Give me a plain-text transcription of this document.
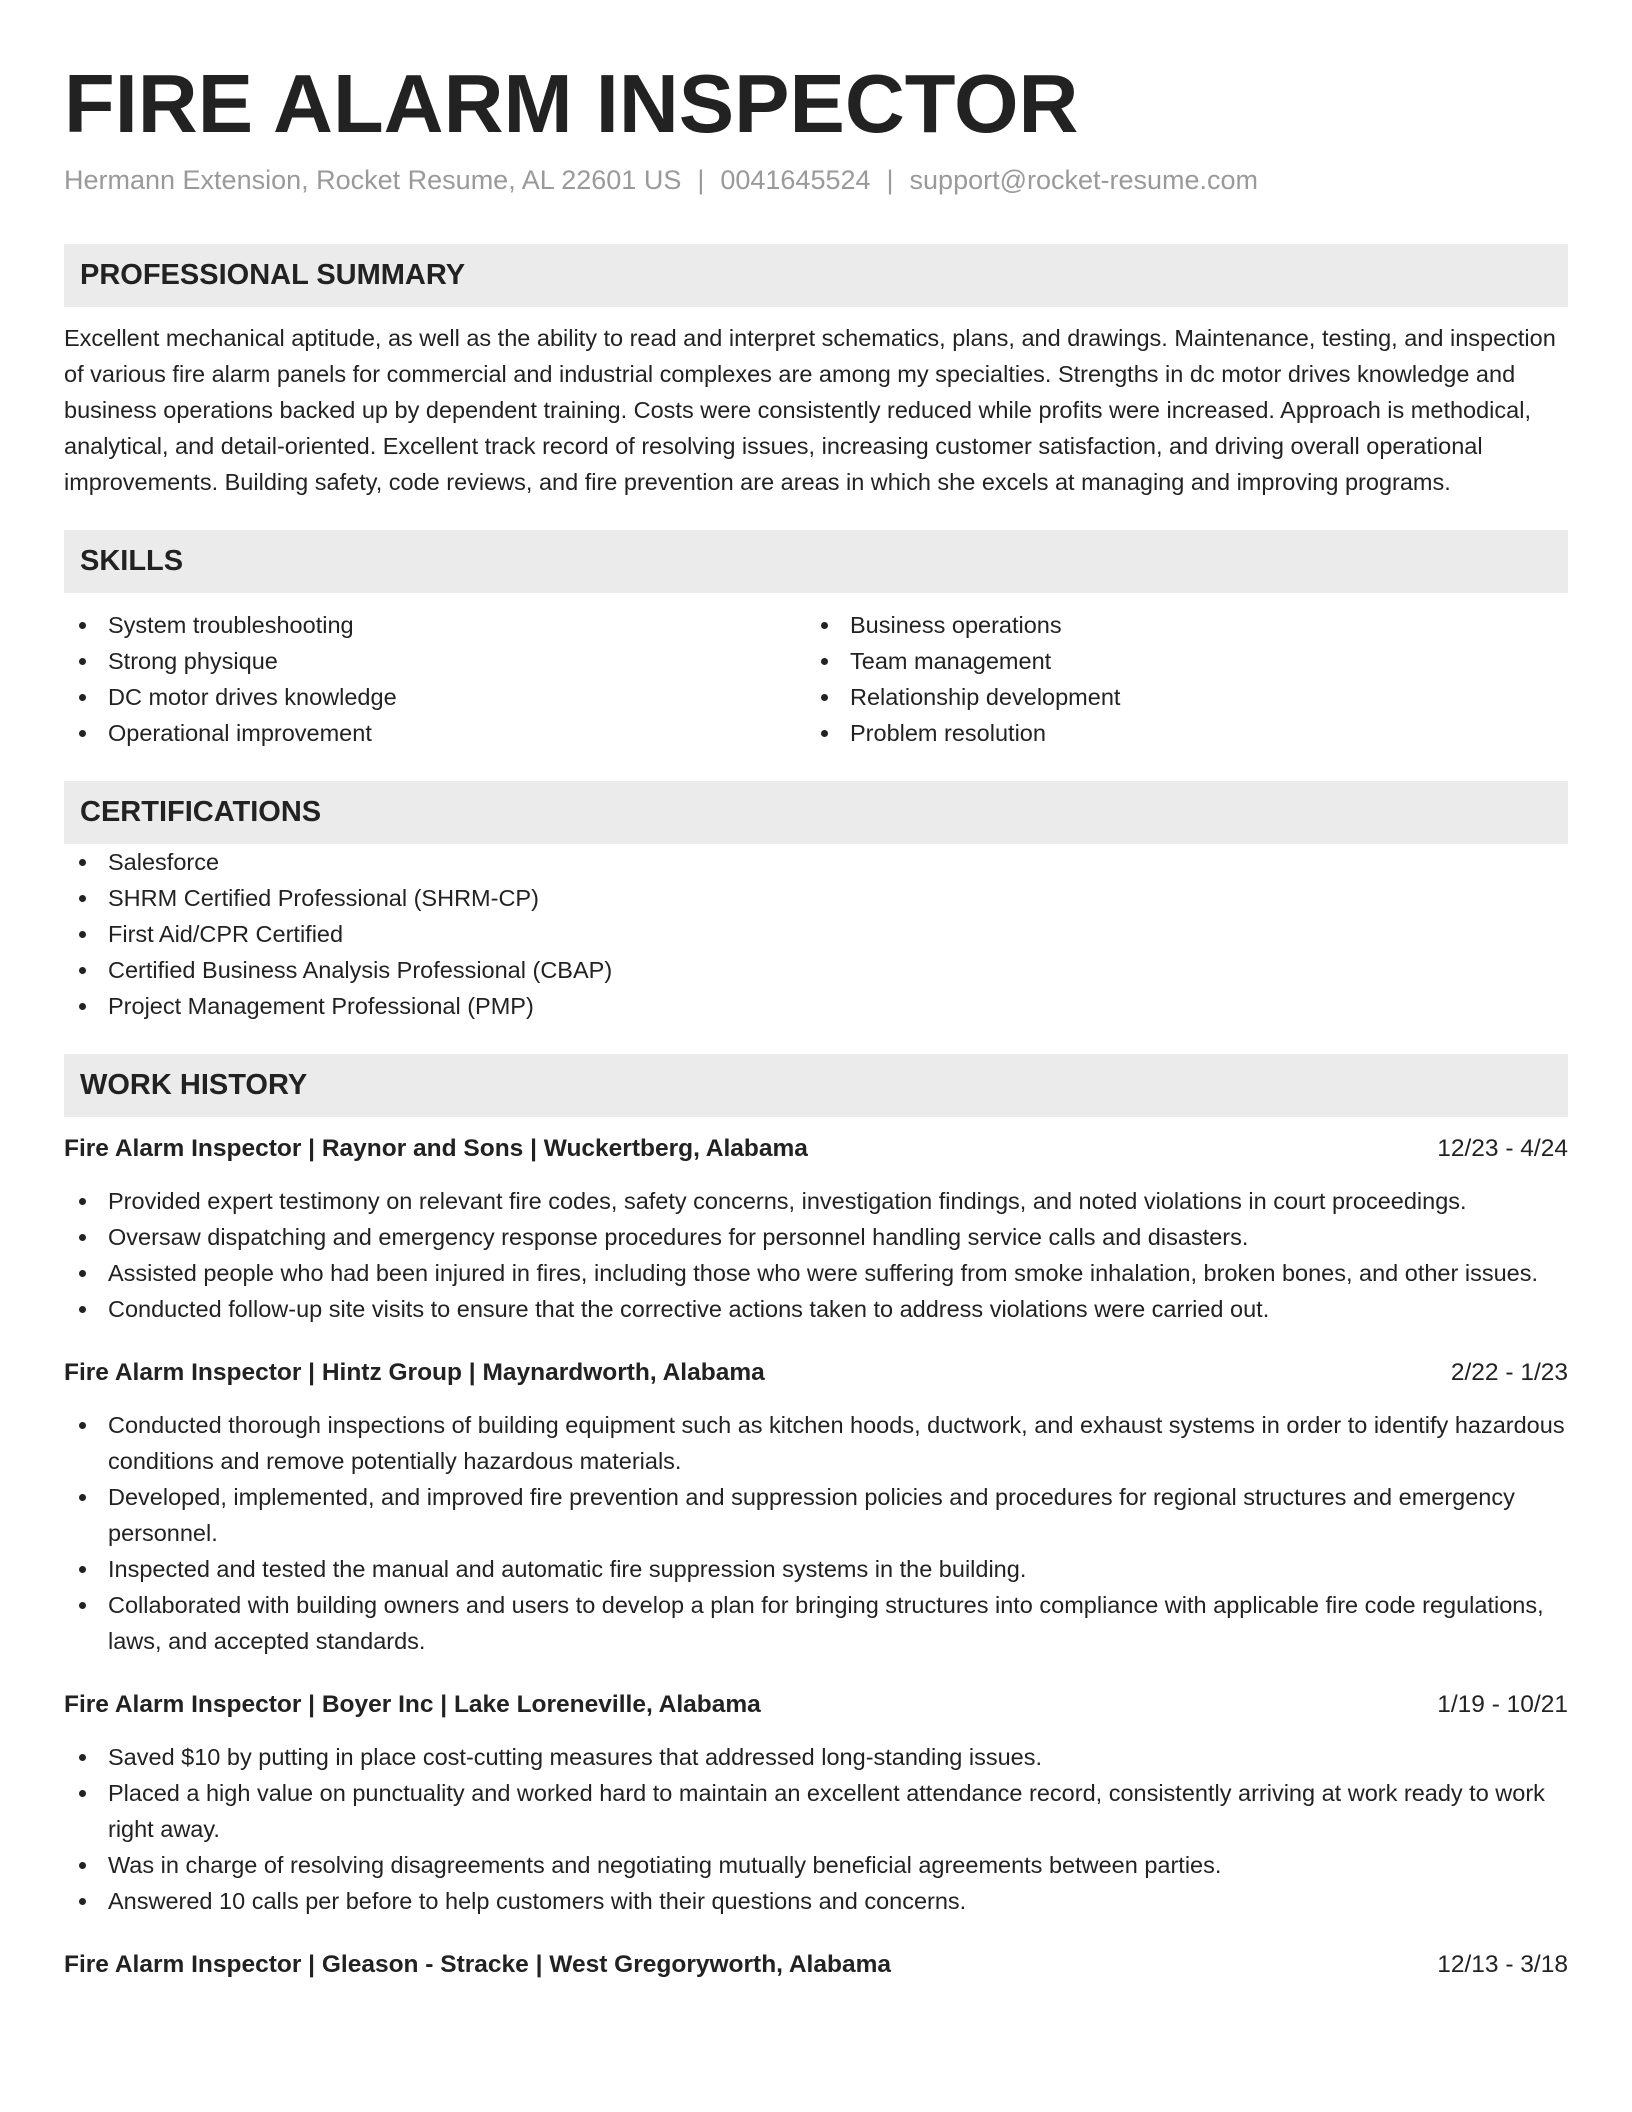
FIRE ALARM INSPECTOR
Hermann Extension, Rocket Resume, AL 22601 US | 0041645524 | support@rocket-resume.com
PROFESSIONAL SUMMARY
Excellent mechanical aptitude, as well as the ability to read and interpret schematics, plans, and drawings. Maintenance, testing, and inspection of various fire alarm panels for commercial and industrial complexes are among my specialties. Strengths in dc motor drives knowledge and business operations backed up by dependent training. Costs were consistently reduced while profits were increased. Approach is methodical, analytical, and detail-oriented. Excellent track record of resolving issues, increasing customer satisfaction, and driving overall operational improvements. Building safety, code reviews, and fire prevention are areas in which she excels at managing and improving programs.
SKILLS
System troubleshooting
Strong physique
DC motor drives knowledge
Operational improvement
Business operations
Team management
Relationship development
Problem resolution
CERTIFICATIONS
Salesforce
SHRM Certified Professional (SHRM-CP)
First Aid/CPR Certified
Certified Business Analysis Professional (CBAP)
Project Management Professional (PMP)
WORK HISTORY
Fire Alarm Inspector | Raynor and Sons | Wuckertberg, Alabama	12/23 - 4/24
Provided expert testimony on relevant fire codes, safety concerns, investigation findings, and noted violations in court proceedings.
Oversaw dispatching and emergency response procedures for personnel handling service calls and disasters.
Assisted people who had been injured in fires, including those who were suffering from smoke inhalation, broken bones, and other issues.
Conducted follow-up site visits to ensure that the corrective actions taken to address violations were carried out.
Fire Alarm Inspector | Hintz Group | Maynardworth, Alabama	2/22 - 1/23
Conducted thorough inspections of building equipment such as kitchen hoods, ductwork, and exhaust systems in order to identify hazardous conditions and remove potentially hazardous materials.
Developed, implemented, and improved fire prevention and suppression policies and procedures for regional structures and emergency personnel.
Inspected and tested the manual and automatic fire suppression systems in the building.
Collaborated with building owners and users to develop a plan for bringing structures into compliance with applicable fire code regulations, laws, and accepted standards.
Fire Alarm Inspector | Boyer Inc | Lake Loreneville, Alabama	1/19 - 10/21
Saved $10 by putting in place cost-cutting measures that addressed long-standing issues.
Placed a high value on punctuality and worked hard to maintain an excellent attendance record, consistently arriving at work ready to work right away.
Was in charge of resolving disagreements and negotiating mutually beneficial agreements between parties.
Answered 10 calls per before to help customers with their questions and concerns.
Fire Alarm Inspector | Gleason - Stracke | West Gregoryworth, Alabama	12/13 - 3/18
